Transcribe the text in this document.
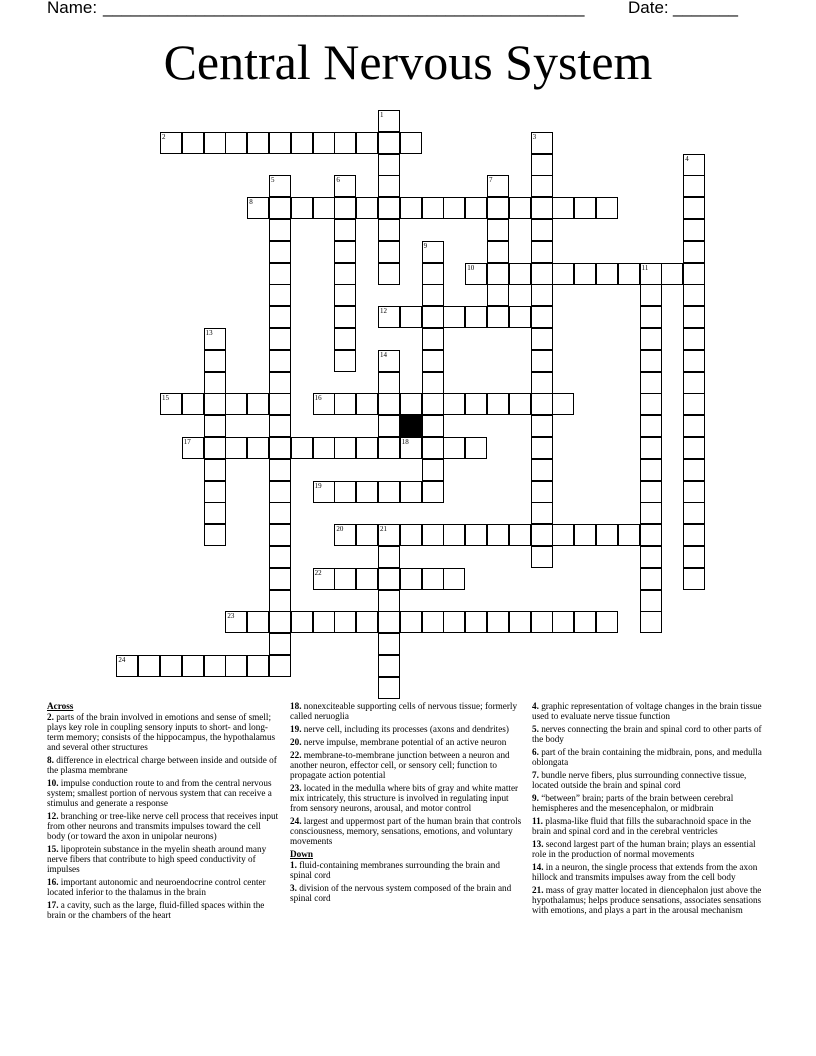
Name: ____________________________________________________	Date: _______
Central Nervous System
1
2	3
4
5	6	7
8
9
10	11
12
13
14
15	16
17	18
19
20	21
22
23
24
Across
2. parts of the brain involved in emotions and sense of smell; plays key role in coupling sensory inputs to short- and long-term memory; consists of the hippocampus, the hypothalamus and several other structures
8. difference in electrical charge between inside and outside of the plasma membrane
10. impulse conduction route to and from the central nervous system; smallest portion of nervous system that can receive a stimulus and generate a response
12. branching or tree-like nerve cell process that receives input from other neurons and transmits impulses toward the cell body (or toward the axon in unipolar neurons)
15. lipoprotein substance in the myelin sheath around many nerve fibers that contribute to high speed conductivity of impulses
16. important autonomic and neuroendocrine control center located inferior to the thalamus in the brain
17. a cavity, such as the large, fluid-filled spaces within the brain or the chambers of the heart
18. nonexciteable supporting cells of nervous tissue; formerly called neruoglia
19. nerve cell, including its processes (axons and dendrites)
20. nerve impulse, membrane potential of an active neuron
22. membrane-to-membrane junction between a neuron and another neuron, effector cell, or sensory cell; function to propagate action potential
23. located in the medulla where bits of gray and white matter mix intricately, this structure is involved in regulating input from sensory neurons, arousal, and motor control
24. largest and uppermost part of the human brain that controls consciousness, memory, sensations, emotions, and voluntary movements
Down
1. fluid-containing membranes surrounding the brain and spinal cord
3. division of the nervous system composed of the brain and spinal cord
4. graphic representation of voltage changes in the brain tissue used to evaluate nerve tissue function
5. nerves connecting the brain and spinal cord to other parts of the body
6. part of the brain containing the midbrain, pons, and medulla oblongata
7. bundle nerve fibers, plus surrounding connective tissue, located outside the brain and spinal cord
9. “between” brain; parts of the brain between cerebral hemispheres and the mesencephalon, or midbrain
11. plasma-like fluid that fills the subarachnoid space in the brain and spinal cord and in the cerebral ventricles
13. second largest part of the human brain; plays an essential role in the production of normal movements
14. in a neuron, the single process that extends from the axon hillock and transmits impulses away from the cell body
21. mass of gray matter located in diencephalon just above the hypothalamus; helps produce sensations, associates sensations with emotions, and plays a part in the arousal mechanism
